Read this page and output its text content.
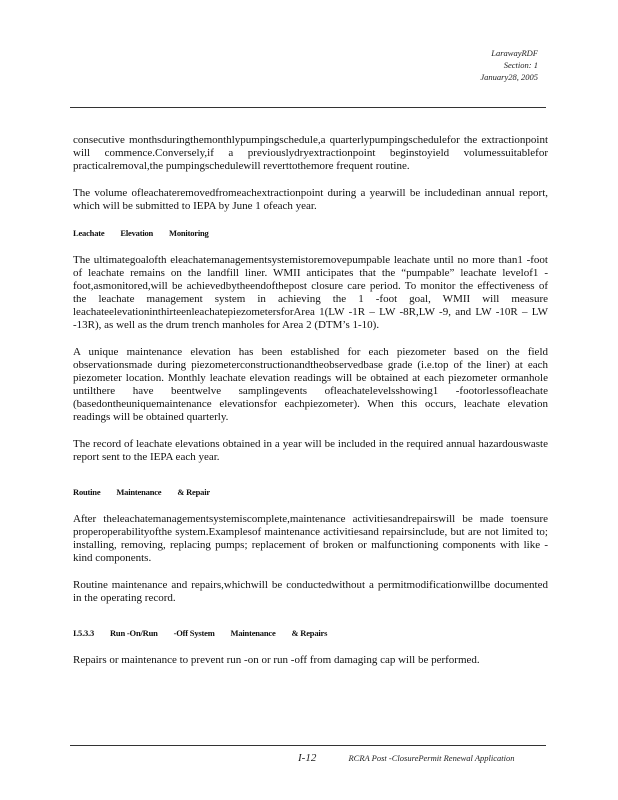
LarawayRDF
Section: 1
January28, 2005

consecutive monthsduringthemonthlypumpingschedule,a quarterlypumpingschedulefor the extractionpoint will commence.Conversely,if a previouslydryextractionpoint beginstoyield volumessuitablefor practicalremoval,the pumpingschedulewill reverttothemore frequent routine.

The volume ofleachateremovedfromeachextractionpoint during a yearwill be includedinan annual report, which will be submitted to IEPA by June 1 ofeach year.

Leachate Elevation Monitoring

The ultimategoalofth eleachatemanagementsystemistoremovepumpable leachate until no more than1 -foot of leachate remains on the landfill liner. WMII anticipates that the “pumpable” leachate levelof1 -foot,asmonitored,will be achievedbytheendofthepost closure care period. To monitor the effectiveness of the leachate management system in achieving the 1 -foot goal, WMII will measure leachateelevationinthirteenleachatepiezometersforArea 1(LW -1R – LW -8R,LW -9, and LW -10R – LW -13R), as well as the drum trench manholes for Area 2 (DTM’s 1-10).

A unique maintenance elevation has been established for each piezometer based on the field observationsmade during piezometerconstructionandtheobservedbase grade (i.e.top of the liner) at each piezometer location. Monthly leachate elevation readings will be obtained at each piezometer ormanhole untilthere have beentwelve samplingevents ofleachatelevelsshowing1 -footorlessofleachate (basedontheuniquemaintenance elevationsfor eachpiezometer). When this occurs, leachate elevation readings will be obtained quarterly.

The record of leachate elevations obtained in a year will be included in the required annual hazardouswaste report sent to the IEPA each year.

Routine Maintenance & Repair

After theleachatemanagementsystemiscomplete,maintenance activitiesandrepairswill be made toensure properoperabilityofthe system.Examplesof maintenance activitiesand repairsinclude, but are not limited to; installing, removing, replacing pumps; replacement of broken or malfunctioning components with like -kind components.

Routine maintenance and repairs,whichwill be conductedwithout a permitmodificationwillbe documented in the operating record.

I.5.3.3 Run -On/Run -Off System Maintenance & Repairs

Repairs or maintenance to prevent run -on or run -off from damaging cap will be performed.

I-12	RCRA Post -ClosurePermit Renewal Application
